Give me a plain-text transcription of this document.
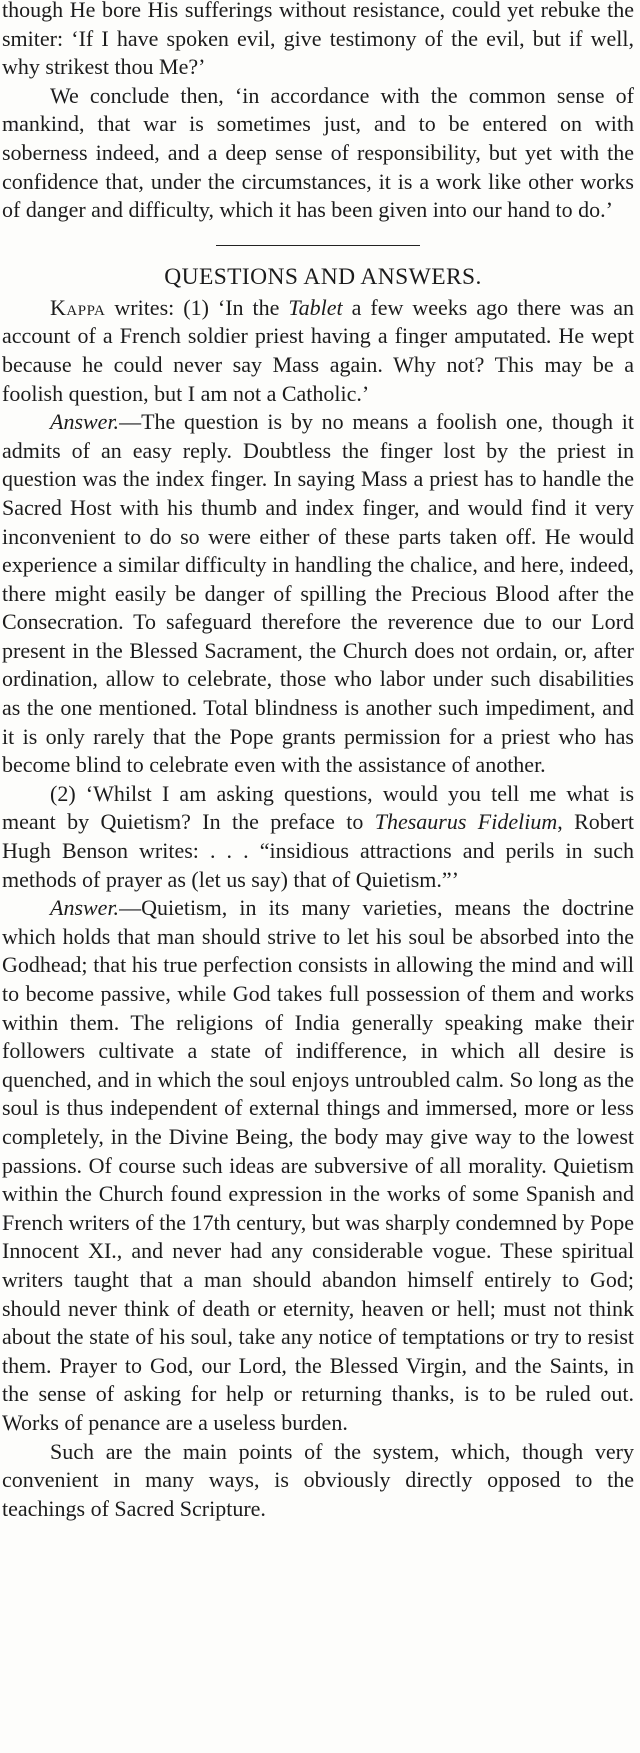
though He bore His sufferings without resistance, could yet rebuke the smiter: ‘If I have spoken evil, give testimony of the evil, but if well, why strikest thou Me?’

We conclude then, ‘in accordance with the common sense of mankind, that war is sometimes just, and to be entered on with soberness indeed, and a deep sense of responsibility, but yet with the confidence that, under the circumstances, it is a work like other works of danger and difficulty, which it has been given into our hand to do.’

QUESTIONS AND ANSWERS.

Kappa writes: (1) ‘In the Tablet a few weeks ago there was an account of a French soldier priest having a finger amputated. He wept because he could never say Mass again. Why not? This may be a foolish question, but I am not a Catholic.’

Answer.—The question is by no means a foolish one, though it admits of an easy reply. Doubtless the finger lost by the priest in question was the index finger. In saying Mass a priest has to handle the Sacred Host with his thumb and index finger, and would find it very inconvenient to do so were either of these parts taken off. He would experience a similar difficulty in handling the chalice, and here, indeed, there might easily be danger of spilling the Precious Blood after the Consecration. To safeguard therefore the reverence due to our Lord present in the Blessed Sacrament, the Church does not ordain, or, after ordination, allow to celebrate, those who labor under such disabilities as the one mentioned. Total blindness is another such impediment, and it is only rarely that the Pope grants permission for a priest who has become blind to celebrate even with the assistance of another.

(2) ‘Whilst I am asking questions, would you tell me what is meant by Quietism? In the preface to Thesaurus Fidelium, Robert Hugh Benson writes: . . . “insidious attractions and perils in such methods of prayer as (let us say) that of Quietism.”’

Answer.—Quietism, in its many varieties, means the doctrine which holds that man should strive to let his soul be absorbed into the Godhead; that his true perfection consists in allowing the mind and will to become passive, while God takes full possession of them and works within them. The religions of India generally speaking make their followers cultivate a state of indifference, in which all desire is quenched, and in which the soul enjoys untroubled calm. So long as the soul is thus independent of external things and immersed, more or less completely, in the Divine Being, the body may give way to the lowest passions. Of course such ideas are subversive of all morality. Quietism within the Church found expression in the works of some Spanish and French writers of the 17th century, but was sharply condemned by Pope Innocent XI., and never had any considerable vogue. These spiritual writers taught that a man should abandon himself entirely to God; should never think of death or eternity, heaven or hell; must not think about the state of his soul, take any notice of temptations or try to resist them. Prayer to God, our Lord, the Blessed Virgin, and the Saints, in the sense of asking for help or returning thanks, is to be ruled out. Works of penance are a useless burden.

Such are the main points of the system, which, though very convenient in many ways, is obviously directly opposed to the teachings of Sacred Scripture.
